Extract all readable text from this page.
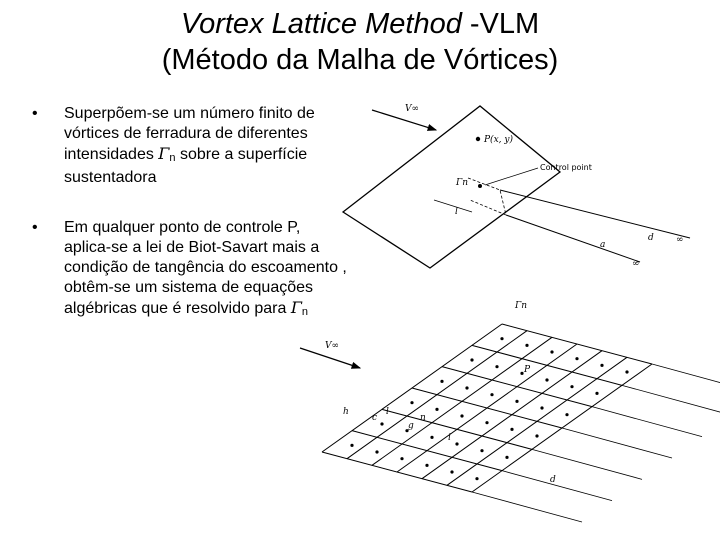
Vortex Lattice Method -VLM
(Método da Malha de Vórtices)
• Superpõem-se um número finito de vórtices de ferradura de diferentes intensidades Γn sobre a superfície sustentadora
• Em qualquer ponto de controle P, aplica-se a lei de Biot-Savart mais a condição de tangência do escoamento , obtêm-se um sistema de equações algébricas que é resolvido para Γn
V∞
P(x, y)
Control point
Γn
l
a
d ∞
∞
Γn
V∞
P
h
c
l
g
n
i
d
